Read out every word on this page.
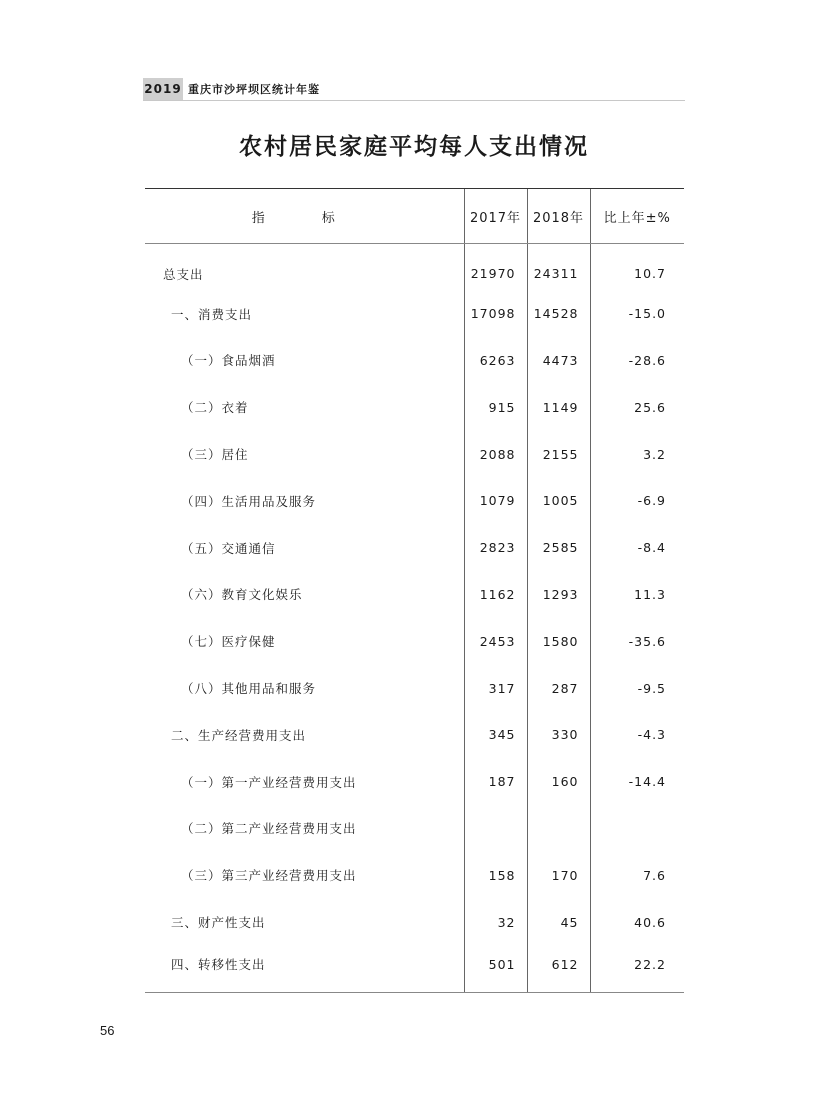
2019 重庆市沙坪坝区统计年鉴
农村居民家庭平均每人支出情况
指　标	2017年	2018年	比上年±%
总支出	21970	24311	10.7
一、消费支出	17098	14528	-15.0
（一）食品烟酒	6263	4473	-28.6
（二）衣着	915	1149	25.6
（三）居住	2088	2155	3.2
（四）生活用品及服务	1079	1005	-6.9
（五）交通通信	2823	2585	-8.4
（六）教育文化娱乐	1162	1293	11.3
（七）医疗保健	2453	1580	-35.6
（八）其他用品和服务	317	287	-9.5
二、生产经营费用支出	345	330	-4.3
（一）第一产业经营费用支出	187	160	-14.4
（二）第二产业经营费用支出			
（三）第三产业经营费用支出	158	170	7.6
三、财产性支出	32	45	40.6
四、转移性支出	501	612	22.2
56
